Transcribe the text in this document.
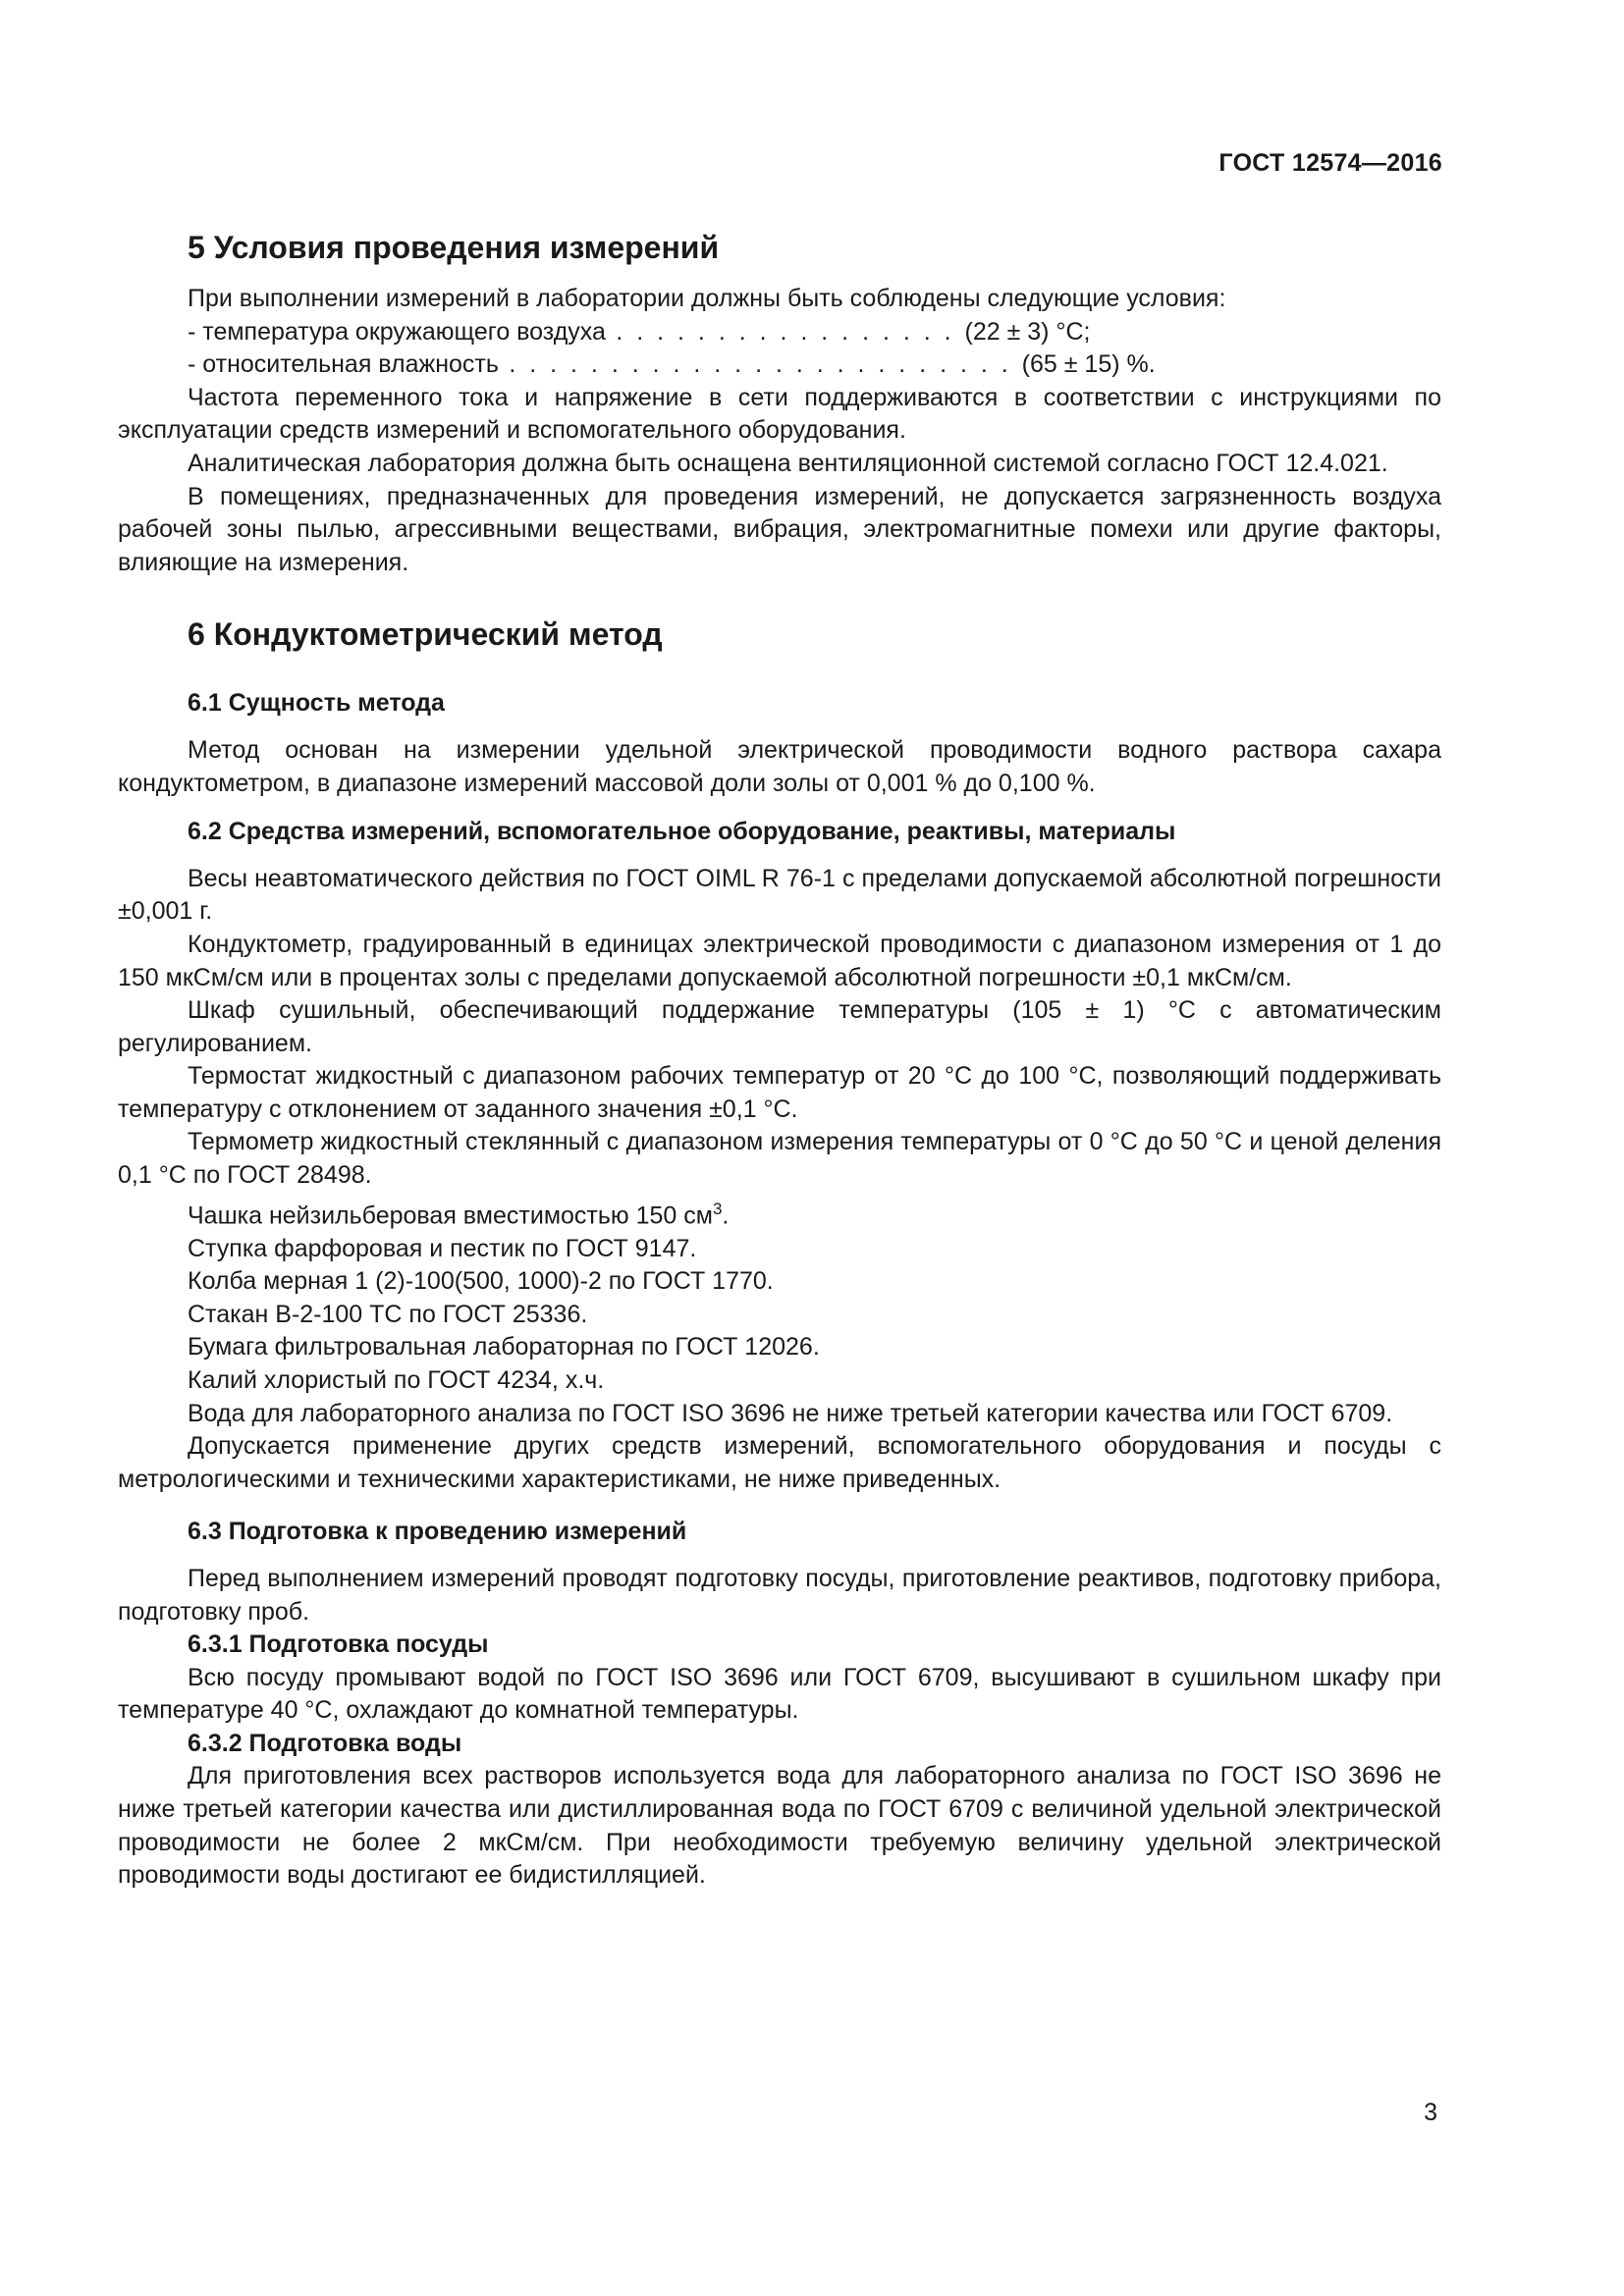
ГОСТ 12574—2016
5 Условия проведения измерений

При выполнении измерений в лаборатории должны быть соблюдены следующие условия:

- температура окружающего воздуха . . . . . . . . . . . . . . . . . (22 ± 3) °С;

- относительная влажность . . . . . . . . . . . . . . . . . . . . . . . . . (65 ± 15) %.

Частота переменного тока и напряжение в сети поддерживаются в соответствии с инструкциями по эксплуатации средств измерений и вспомогательного оборудования.

Аналитическая лаборатория должна быть оснащена вентиляционной системой согласно ГОСТ 12.4.021.

В помещениях, предназначенных для проведения измерений, не допускается загрязненность воздуха рабочей зоны пылью, агрессивными веществами, вибрация, электромагнитные помехи или другие факторы, влияющие на измерения.

6 Кондуктометрический метод
6.1 Сущность метода

Метод основан на измерении удельной электрической проводимости водного раствора сахара кондуктометром, в диапазоне измерений массовой доли золы от 0,001 % до 0,100 %.

6.2 Средства измерений, вспомогательное оборудование, реактивы, материалы

Весы неавтоматического действия по ГОСТ OIML R 76-1 с пределами допускаемой абсолютной погрешности ±0,001 г.

Кондуктометр, градуированный в единицах электрической проводимости с диапазоном измерения от 1 до 150 мкСм/см или в процентах золы с пределами допускаемой абсолютной погрешности ±0,1 мкСм/см.

Шкаф сушильный, обеспечивающий поддержание температуры (105 ± 1) °С с автоматическим регулированием.

Термостат жидкостный с диапазоном рабочих температур от 20 °С до 100 °С, позволяющий поддерживать температуру с отклонением от заданного значения ±0,1 °С.

Термометр жидкостный стеклянный с диапазоном измерения температуры от 0 °С до 50 °С и ценой деления 0,1 °С по ГОСТ 28498.

Чашка нейзильберовая вместимостью 150 $см^3$.

Ступка фарфоровая и пестик по ГОСТ 9147.

Колба мерная 1 (2)-100(500, 1000)-2 по ГОСТ 1770.

Стакан В-2-100 ТС по ГОСТ 25336.

Бумага фильтровальная лабораторная по ГОСТ 12026.

Калий хлористый по ГОСТ 4234, х.ч.

Вода для лабораторного анализа по ГОСТ ISO 3696 не ниже третьей категории качества или ГОСТ 6709.

Допускается применение других средств измерений, вспомогательного оборудования и посуды с метрологическими и техническими характеристиками, не ниже приведенных.

6.3 Подготовка к проведению измерений

Перед выполнением измерений проводят подготовку посуды, приготовление реактивов, подготовку прибора, подготовку проб.

6.3.1 Подготовка посуды

Всю посуду промывают водой по ГОСТ ISO 3696 или ГОСТ 6709, высушивают в сушильном шкафу при температуре 40 °С, охлаждают до комнатной температуры.

6.3.2 Подготовка воды

Для приготовления всех растворов используется вода для лабораторного анализа по ГОСТ ISO 3696 не ниже третьей категории качества или дистиллированная вода по ГОСТ 6709 с величиной удельной электрической проводимости не более 2 мкСм/см. При необходимости требуемую величину удельной электрической проводимости воды достигают ее бидистилляцией.

3
